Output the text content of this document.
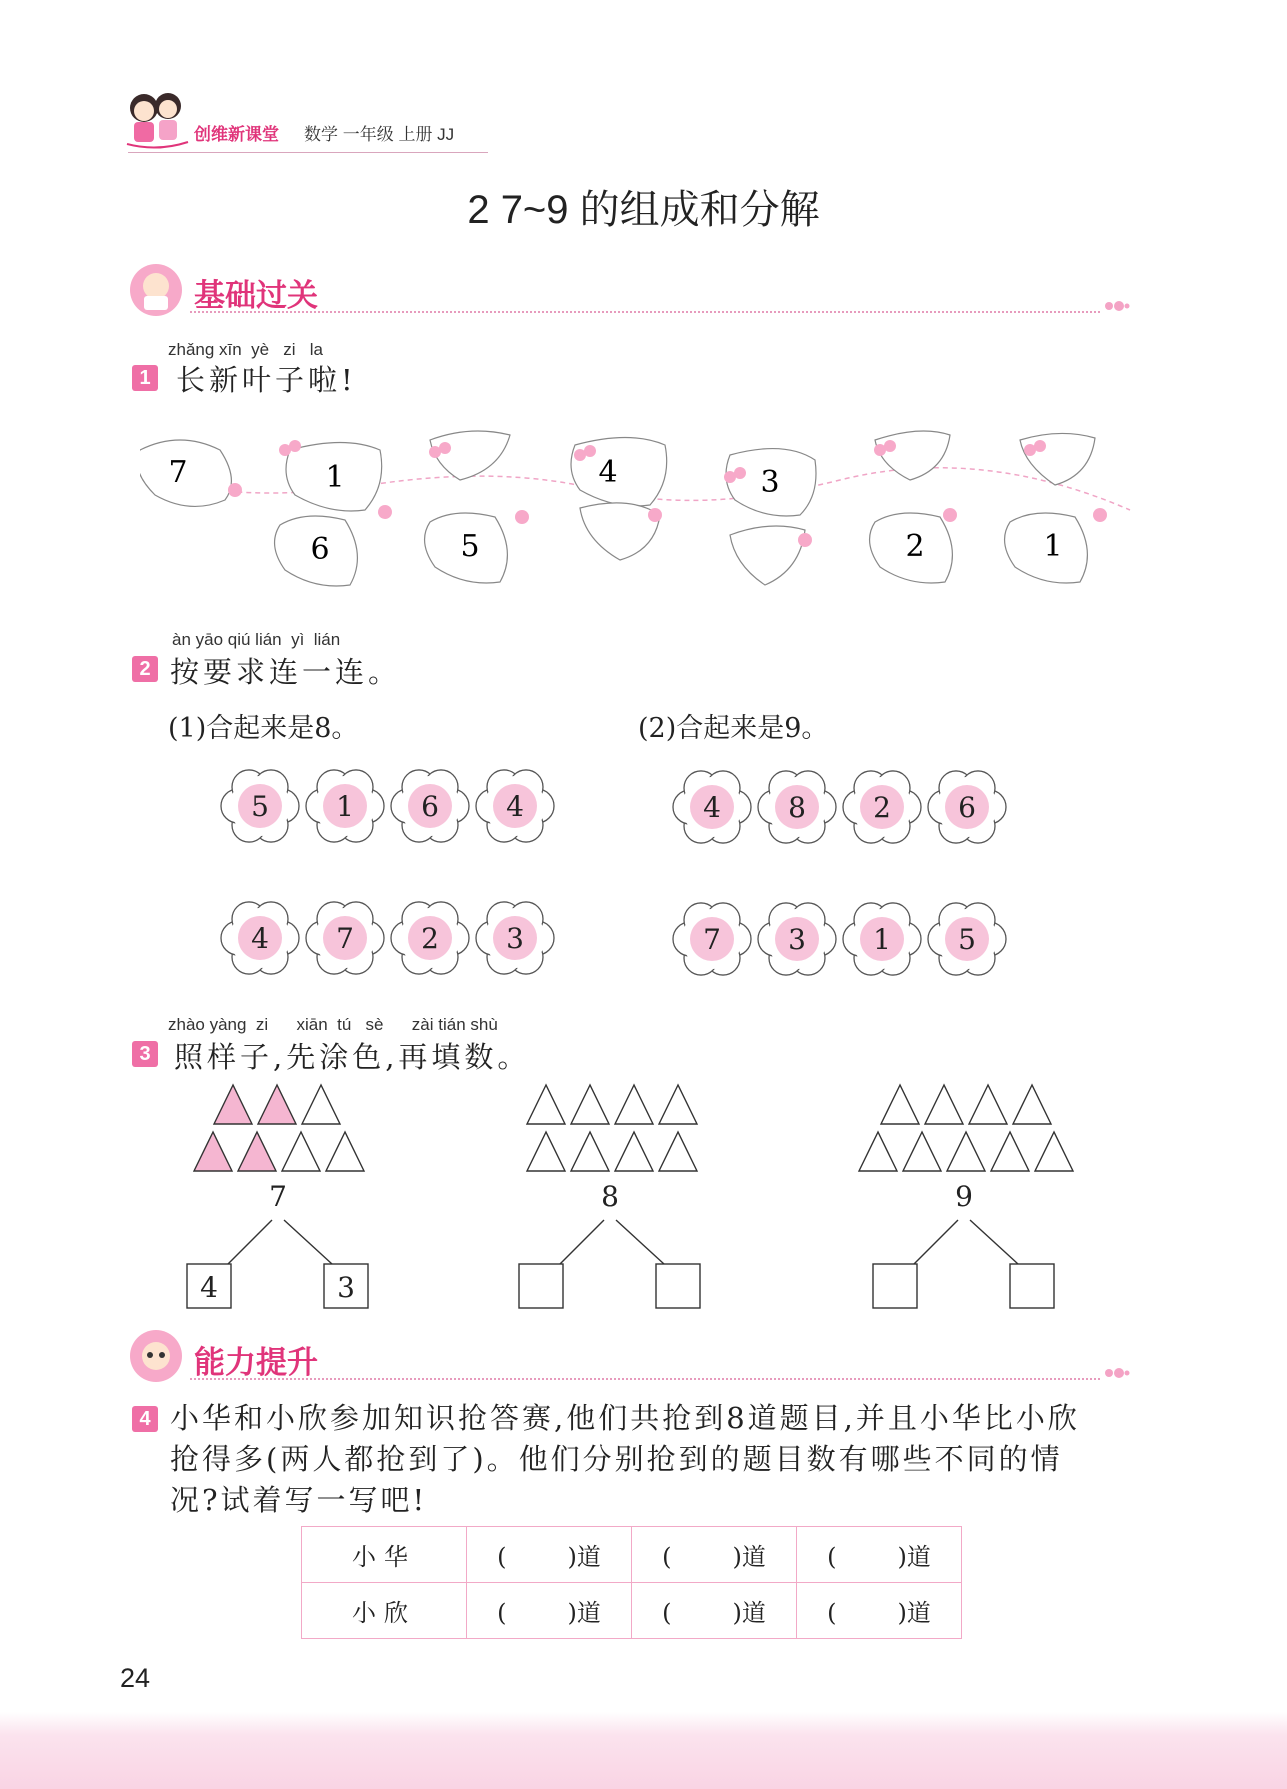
创维新课堂 数学 一年级 上册 JJ
2 7~9 的组成和分解
基础过关
zhǎng xīn  yè   zi   la
1 长新叶子啦!
7	1
6	5
4	3
2	1
àn yāo qiú lián  yì  lián
2 按要求连一连。
(1)合起来是8。	(2)合起来是9。
5 1 6 4
4 7 2 3
4 8 2 6
7 3 1 5
zhào yàng  zi      xiān  tú   sè      zài tián shù
3 照样子,先涂色,再填数。
7
4	3
8	9
能力提升
4 小华和小欣参加知识抢答赛,他们共抢到8道题目,并且小华比小欣
抢得多(两人都抢到了)。他们分别抢到的题目数有哪些不同的情
况?试着写一写吧!
小华	(        )道	(        )道	(        )道
小欣	(        )道	(        )道	(        )道
24
